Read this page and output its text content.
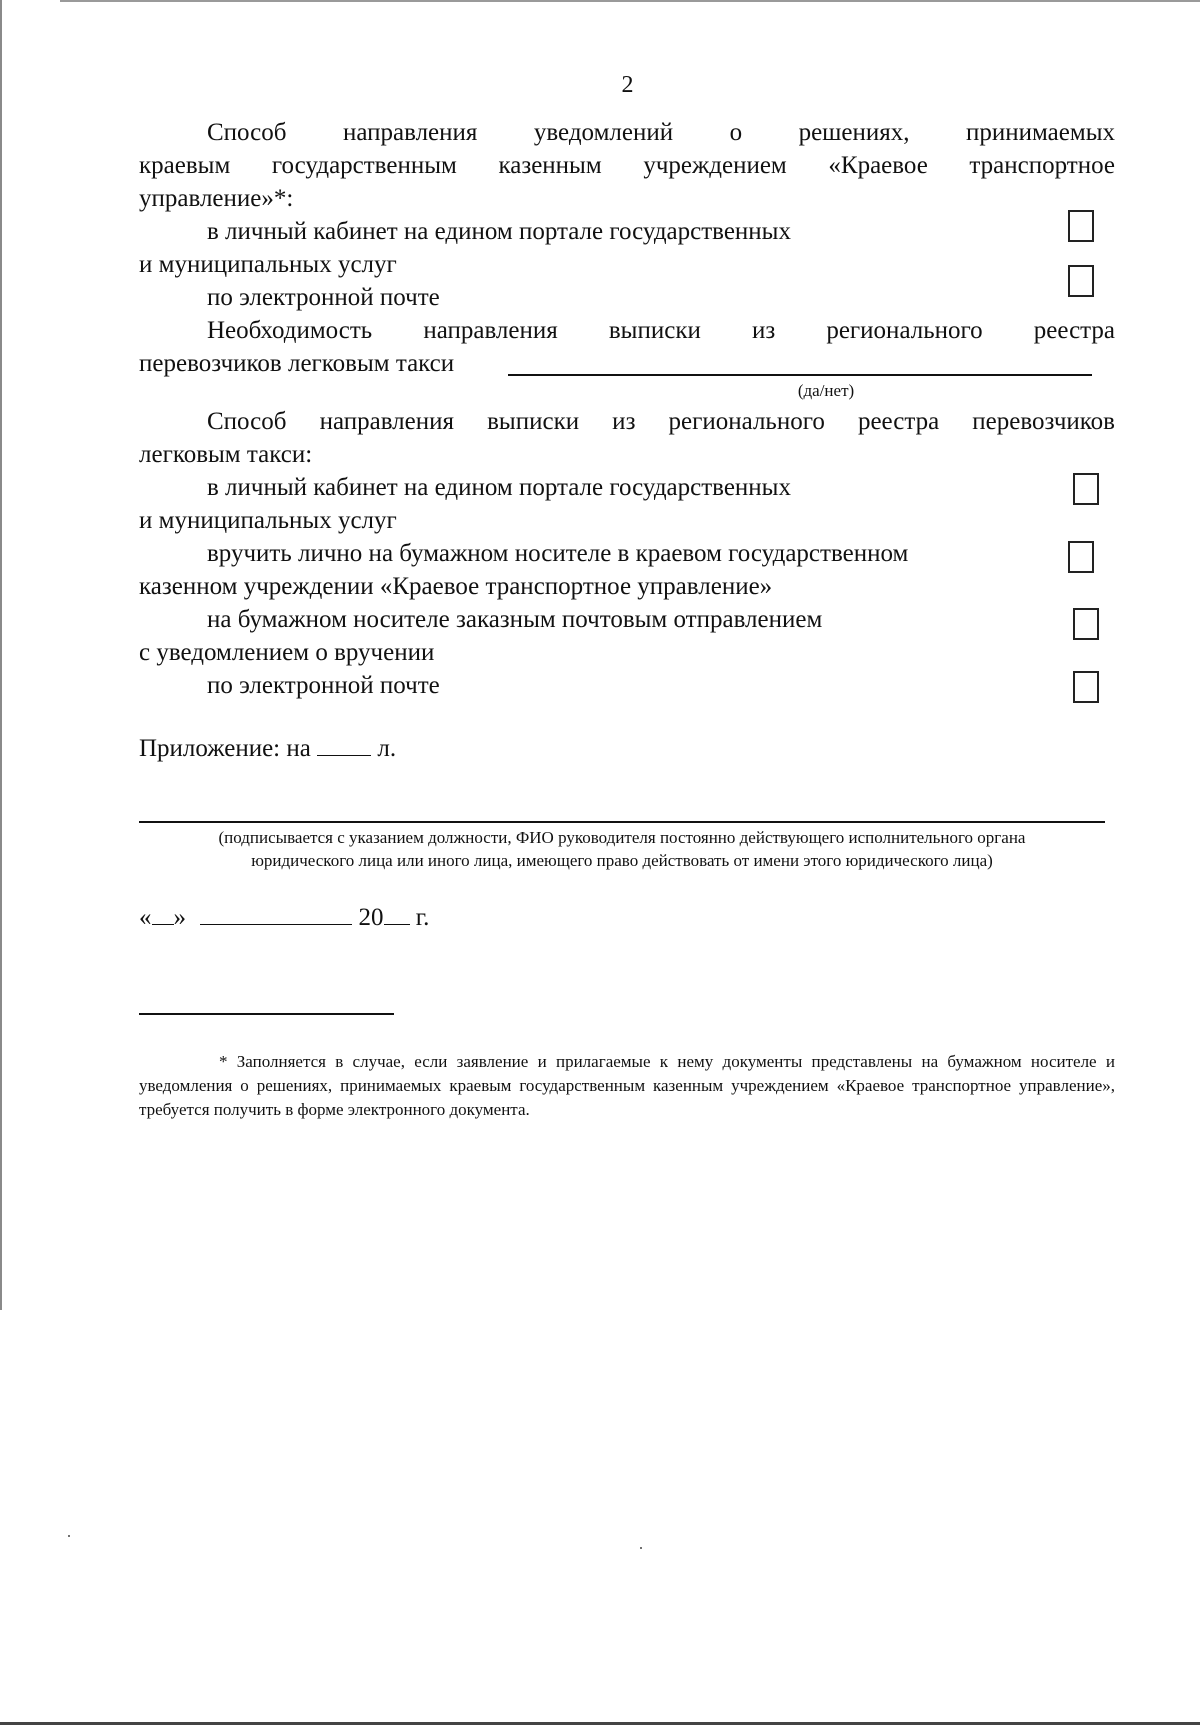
2
Способ направления уведомлений о решениях, принимаемых
краевым государственным казенным учреждением «Краевое транспортное
управление»*:
в личный кабинет на едином портале государственных
и муниципальных услуг
по электронной почте
Необходимость направления выписки из регионального реестра
перевозчиков легковым такси
(да/нет)
Способ направления выписки из регионального реестра перевозчиков
легковым такси:
в личный кабинет на едином портале государственных
и муниципальных услуг
вручить лично на бумажном носителе в краевом государственном
казенном учреждении «Краевое транспортное управление»
на бумажном носителе заказным почтовым отправлением
с уведомлением о вручении
по электронной почте
Приложение: на	л.
(подписывается с указанием должности, ФИО руководителя постоянно действующего исполнительного органа
юридического лица или иного лица, имеющего право действовать от имени этого юридического лица)
« »	20 г.
* Заполняется в случае, если заявление и прилагаемые к нему документы представлены на бумажном носителе и уведомления о решениях, принимаемых краевым государственным казенным учреждением «Краевое транспортное управление», требуется получить в форме электронного документа.
